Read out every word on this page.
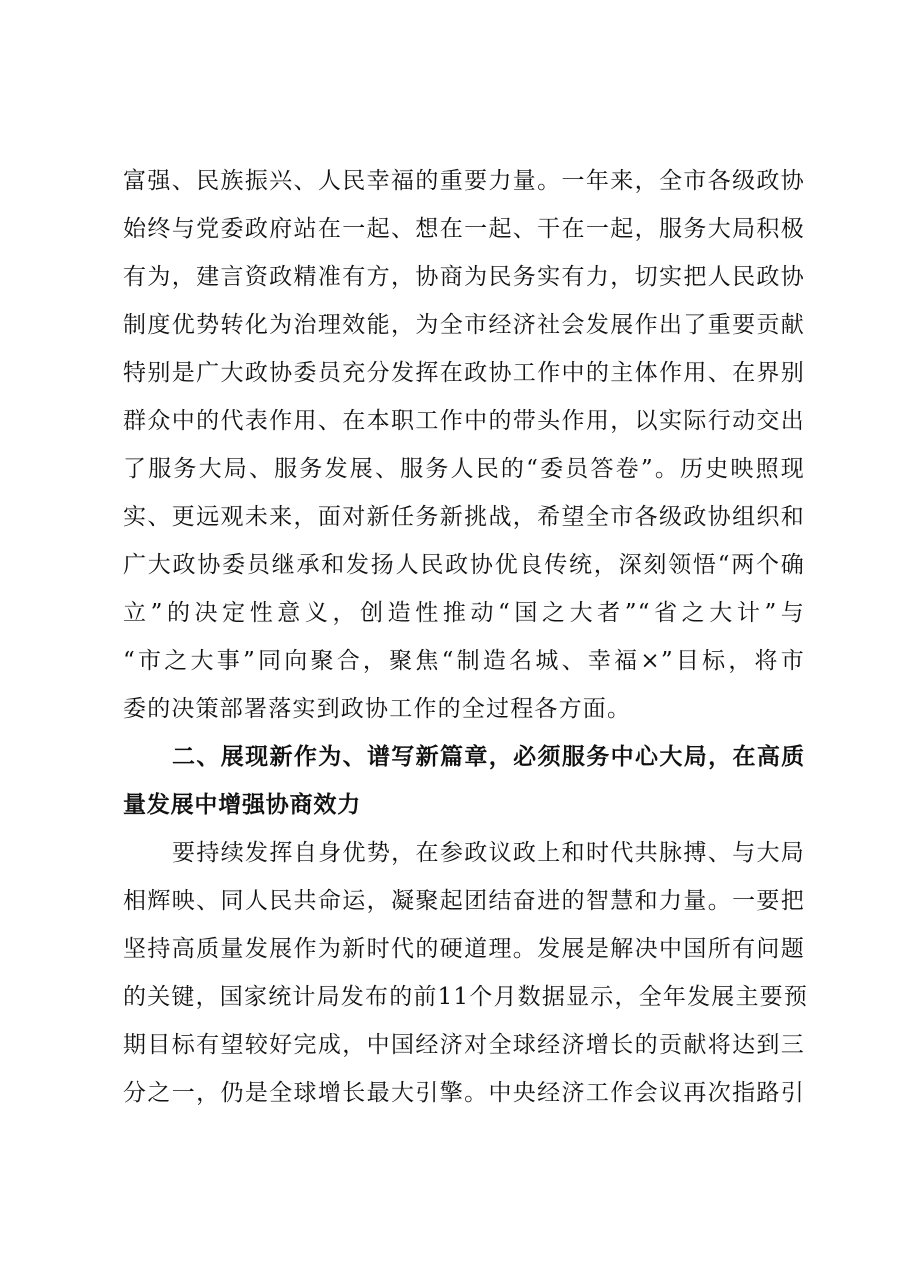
富强、民族振兴、人民幸福的重要力量。一年来，全市各级政协
始终与党委政府站在一起、想在一起、干在一起，服务大局积极
有为，建言资政精准有方，协商为民务实有力，切实把人民政协
制度优势转化为治理效能，为全市经济社会发展作出了重要贡献
特别是广大政协委员充分发挥在政协工作中的主体作用、在界别
群众中的代表作用、在本职工作中的带头作用，以实际行动交出
了服务大局、服务发展、服务人民的“委员答卷”。历史映照现
实、更远观未来，面对新任务新挑战，希望全市各级政协组织和
广大政协委员继承和发扬人民政协优良传统，深刻领悟“两个确
立”的决定性意义，创造性推动“国之大者”“省之大计”与
“市之大事”同向聚合，聚焦“制造名城、幸福×”目标，将市
委的决策部署落实到政协工作的全过程各方面。
二、展现新作为、谱写新篇章，必须服务中心大局，在高质
量发展中增强协商效力
要持续发挥自身优势，在参政议政上和时代共脉搏、与大局
相辉映、同人民共命运，凝聚起团结奋进的智慧和力量。一要把
坚持高质量发展作为新时代的硬道理。发展是解决中国所有问题
的关键，国家统计局发布的前11个月数据显示，全年发展主要预
期目标有望较好完成，中国经济对全球经济增长的贡献将达到三
分之一，仍是全球增长最大引擎。中央经济工作会议再次指路引
